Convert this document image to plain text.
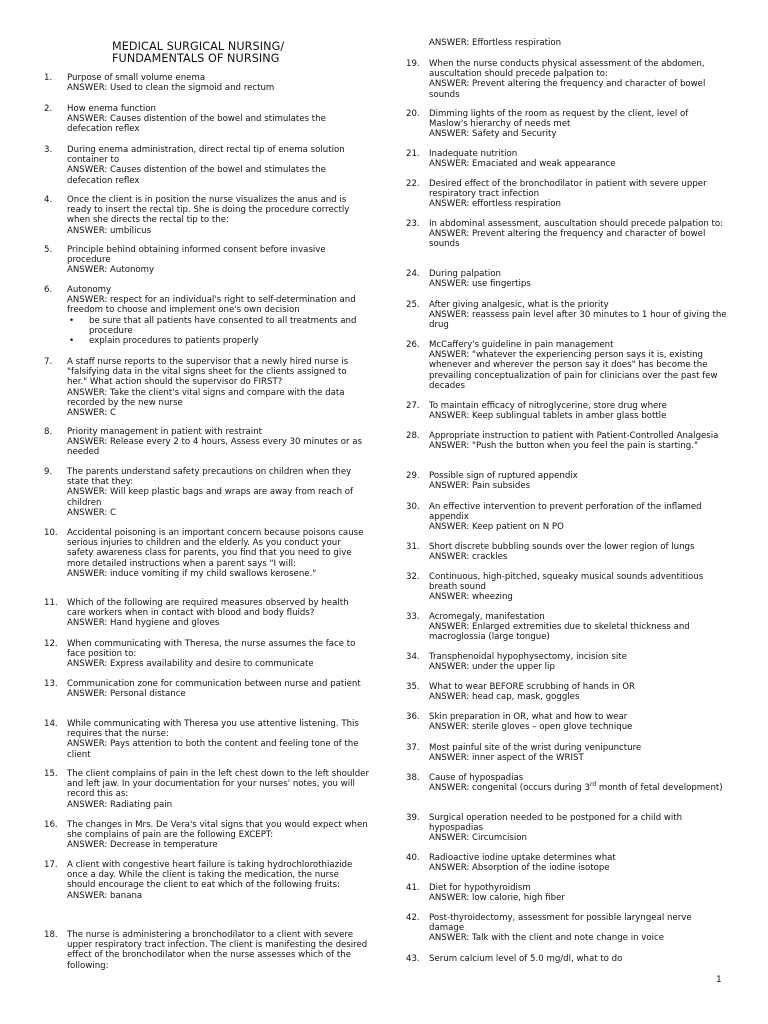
MEDICAL SURGICAL NURSING/
FUNDAMENTALS OF NURSING
1.	Purpose of small volume enema
ANSWER: Used to clean the sigmoid and rectum
2.	How enema function
ANSWER: Causes distention of the bowel and stimulates the defecation reflex
3.	During enema administration, direct rectal tip of enema solution container to
ANSWER: Causes distention of the bowel and stimulates the defecation reflex
4.	Once the client is in position the nurse visualizes the anus and is ready to insert the rectal tip. She is doing the procedure correctly when she directs the rectal tip to the:
ANSWER: umbilicus
5.	Principle behind obtaining informed consent before invasive procedure
ANSWER: Autonomy
6.	Autonomy
ANSWER: respect for an individual's right to self-determination and freedom to choose and implement one's own decision
• be sure that all patients have consented to all treatments and procedure
• explain procedures to patients properly
7.	A staff nurse reports to the supervisor that a newly hired nurse is "falsifying data in the vital signs sheet for the clients assigned to her." What action should the supervisor do FIRST?
ANSWER: Take the client's vital signs and compare with the data recorded by the new nurse
ANSWER: C
8.	Priority management in patient with restraint
ANSWER: Release every 2 to 4 hours, Assess every 30 minutes or as needed
9.	The parents understand safety precautions on children when they state that they:
ANSWER: Will keep plastic bags and wraps are away from reach of children
ANSWER: C
10.	Accidental poisoning is an important concern because poisons cause serious injuries to children and the elderly. As you conduct your safety awareness class for parents, you find that you need to give more detailed instructions when a parent says "I will:
ANSWER: induce vomiting if my child swallows kerosene."
11.	Which of the following are required measures observed by health care workers when in contact with blood and body fluids?
ANSWER: Hand hygiene and gloves
12.	When communicating with Theresa, the nurse assumes the face to face position to:
ANSWER: Express availability and desire to communicate
13.	Communication zone for communication between nurse and patient
ANSWER: Personal distance
14.	While communicating with Theresa you use attentive listening. This requires that the nurse:
ANSWER: Pays attention to both the content and feeling tone of the client
15.	The client complains of pain in the left chest down to the left shoulder and left jaw. In your documentation for your nurses' notes, you will record this as:
ANSWER: Radiating pain
16.	The changes in Mrs. De Vera's vital signs that you would expect when she complains of pain are the following EXCEPT:
ANSWER: Decrease in temperature
17.	A client with congestive heart failure is taking hydrochlorothiazide once a day. While the client is taking the medication, the nurse should encourage the client to eat which of the following fruits:
ANSWER: banana
18.	The nurse is administering a bronchodilator to a client with severe upper respiratory tract infection. The client is manifesting the desired effect of the bronchodilator when the nurse assesses which of the following:
ANSWER: Effortless respiration
19.	When the nurse conducts physical assessment of the abdomen, auscultation should precede palpation to:
ANSWER: Prevent altering the frequency and character of bowel sounds
20.	Dimming lights of the room as request by the client, level of Maslow's hierarchy of needs met
ANSWER: Safety and Security
21.	Inadequate nutrition
ANSWER: Emaciated and weak appearance
22.	Desired effect of the bronchodilator in patient with severe upper respiratory tract infection
ANSWER: effortless respiration
23.	In abdominal assessment, auscultation should precede palpation to:
ANSWER: Prevent altering the frequency and character of bowel sounds
24.	During palpation
ANSWER: use fingertips
25.	After giving analgesic, what is the priority
ANSWER: reassess pain level after 30 minutes to 1 hour of giving the drug
26.	McCaffery's guideline in pain management
ANSWER: "whatever the experiencing person says it is, existing whenever and wherever the person say it does" has become the prevailing conceptualization of pain for clinicians over the past few decades
27.	To maintain efficacy of nitroglycerine, store drug where
ANSWER: Keep sublingual tablets in amber glass bottle
28.	Appropriate instruction to patient with Patient-Controlled Analgesia
ANSWER: "Push the button when you feel the pain is starting."
29.	Possible sign of ruptured appendix
ANSWER: Pain subsides
30.	An effective intervention to prevent perforation of the inflamed appendix
ANSWER: Keep patient on N PO
31.	Short discrete bubbling sounds over the lower region of lungs
ANSWER: crackles
32.	Continuous, high-pitched, squeaky musical sounds adventitious breath sound
ANSWER: wheezing
33.	Acromegaly, manifestation
ANSWER: Enlarged extremities due to skeletal thickness and macroglossia (large tongue)
34.	Transphenoidal hypophysectomy, incision site
ANSWER: under the upper lip
35.	What to wear BEFORE scrubbing of hands in OR
ANSWER: head cap, mask, goggles
36.	Skin preparation in OR, what and how to wear
ANSWER: sterile gloves – open glove technique
37.	Most painful site of the wrist during venipuncture
ANSWER: inner aspect of the WRIST
38.	Cause of hypospadias
ANSWER: congenital (occurs during 3rd month of fetal development)
39.	Surgical operation needed to be postponed for a child with hypospadias
ANSWER: Circumcision
40.	Radioactive iodine uptake determines what
ANSWER: Absorption of the iodine isotope
41.	Diet for hypothyroidism
ANSWER: low calorie, high fiber
42.	Post-thyroidectomy, assessment for possible laryngeal nerve damage
ANSWER: Talk with the client and note change in voice
43.	Serum calcium level of 5.0 mg/dl, what to do
1
